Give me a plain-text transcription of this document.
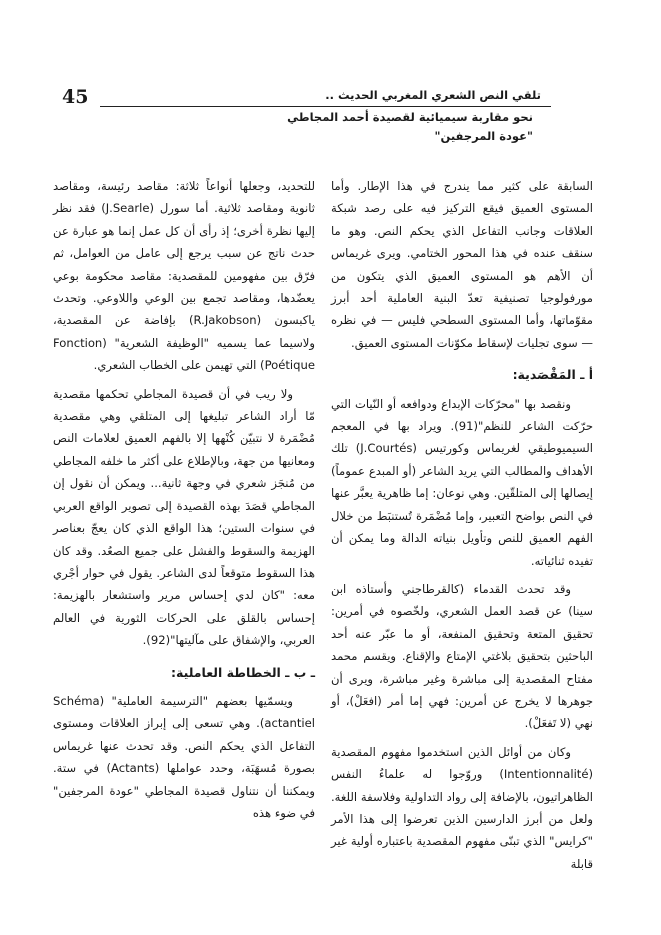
45	تلقي النص الشعري المغربي الحديث ..
نحو مقاربة سيميائية لقصيدة أحمد المجاطي
"عودة المرجفين"

السابقة على كثير مما يندرج في هذا الإطار. وأما المستوى العميق فيقع التركيز فيه على رصد شبكة العلاقات وجانب التفاعل الذي يحكم النص. وهو ما سنقف عنده في هذا المحور الختامي. ويرى غريماس أن الأهم هو المستوى العميق الذي يتكون من مورفولوجيا تصنيفية تعدّ البنية العاملية أحد أبرز مقوّماتها، وأما المستوى السطحي فليس — في نظره — سوى تجليات لإسقاط مكوّنات المستوى العميق.

أ ـ المَقْصَدية:

ونقصد بها "محرّكات الإبداع ودوافعه أو النّيات التي حرّكت الشاعر للنظم"(91). ويراد بها في المعجم السيميوطيقي لغريماس وكورتيس (J.Courtés) تلك الأهداف والمطالب التي يريد الشاعر (أو المبدع عموماً) إيصالها إلى المتلقّين. وهي نوعان: إما ظاهرية يعبَّر عنها في النص بواضح التعبير، وإما مُضْمَرة تُستنبَط من خلال الفهم العميق للنص وتأويل بنياته الدالة وما يمكن أن تفيده ثنائياته.

وقد تحدث القدماء (كالقرطاجني وأستاذه ابن سينا) عن قصد العمل الشعري، ولخّصوه في أمرين: تحقيق المتعة وتحقيق المنفعة، أو ما عبّر عنه أحد الباحثين بتحقيق بلاغتي الإمتاع والإقناع. ويقسم محمد مفتاح المقصدية إلى مباشرة وغير مباشرة، ويرى أن جوهرها لا يخرج عن أمرين: فهي إما أمر (افعَلْ)، أو نهي (لا تَفعَلْ).

وكان من أوائل الذين استخدموا مفهوم المقصدية (Intentionnalité) وروّجوا له علماءُ النفس الظاهراتيون، بالإضافة إلى رواد التداولية وفلاسفة اللغة. ولعل من أبرز الدارسين الذين تعرضوا إلى هذا الأمر "كرايس" الذي تبنّى مفهوم المقصدية باعتباره أولية غير قابلة

للتحديد، وجعلها أنواعاً ثلاثة: مقاصد رئيسة، ومقاصد ثانوية ومقاصد ثلاثية. أما سورل (J.Searle) فقد نظر إليها نظرة أخرى؛ إذ رأى أن كل عمل إنما هو عبارة عن حدث ناتج عن سبب يرجع إلى عامل من العوامل، ثم فرّق بين مفهومين للمقصدية: مقاصد محكومة بوعي يعضّدها، ومقاصد تجمع بين الوعي واللاوعي. وتحدث ياكبسون (R.Jakobson) بإفاضة عن المقصدية، ولاسيما عما يسميه "الوظيفة الشعرية" (Fonction Poétique) التي تهيمن على الخطاب الشعري.

ولا ريب في أن قصيدة المجاطي تحكمها مقصدية مّا أراد الشاعر تبليغها إلى المتلقي وهي مقصدية مُضْمَرة لا نتبيّن كُنْهها إلا بالفهم العميق لعلامات النص ومعانيها من جهة، وبالإطلاع على أكثر ما خلفه المجاطي من مُنجَز شعري في وجهة ثانية... ويمكن أن نقول إن المجاطي قصَدَ بهذه القصيدة إلى تصوير الواقع العربي في سنوات الستين؛ هذا الواقع الذي كان يعجّ بعناصر الهزيمة والسقوط والفشل على جميع الصعُد. وقد كان هذا السقوط متوقعاً لدى الشاعر. يقول في حوار أجْري معه: "كان لدي إحساس مرير واستشعار بالهزيمة: إحساس بالقلق على الحركات الثورية في العالم العربي، والإشفاق على مآليتها"(92).

ـ ب ـ الخطاطة العاملية:

ويسمّيها بعضهم "الترسيمة العاملية" (Schéma actantiel). وهي تسعى إلى إبراز العلاقات ومستوى التفاعل الذي يحكم النص. وقد تحدث عنها غريماس بصورة مُسهَبَة، وحدد عواملها (Actants) في ستة. ويمكننا أن نتناول قصيدة المجاطي "عودة المرجفين" في ضوء هذه
